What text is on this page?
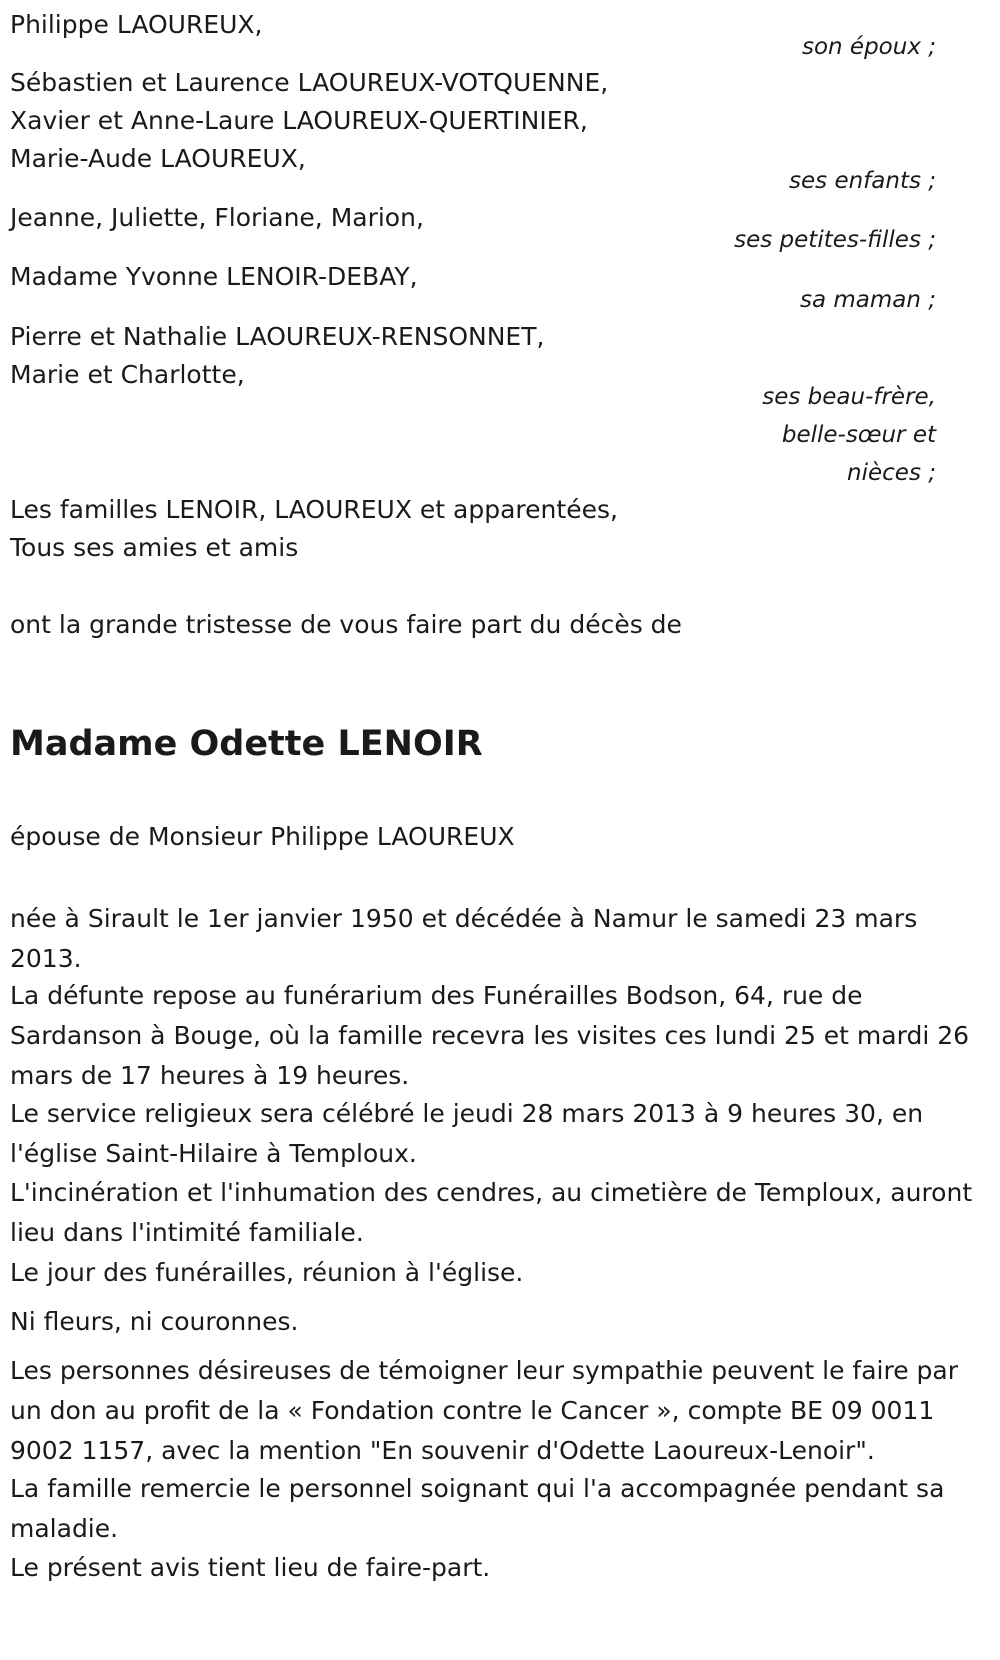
Philippe LAOUREUX,
son époux ;
Sébastien et Laurence LAOUREUX-VOTQUENNE,
Xavier et Anne-Laure LAOUREUX-QUERTINIER,
Marie-Aude LAOUREUX,
ses enfants ;
Jeanne, Juliette, Floriane, Marion,
ses petites-filles ;
Madame Yvonne LENOIR-DEBAY,
sa maman ;
Pierre et Nathalie LAOUREUX-RENSONNET,
Marie et Charlotte,
ses beau-frère,
belle-sœur et
nièces ;
Les familles LENOIR, LAOUREUX et apparentées,
Tous ses amies et amis
ont la grande tristesse de vous faire part du décès de
Madame Odette LENOIR
épouse de Monsieur Philippe LAOUREUX
née à Sirault le 1er janvier 1950 et décédée à Namur le samedi 23 mars 2013.
La défunte repose au funérarium des Funérailles Bodson, 64, rue de Sardanson à Bouge, où la famille recevra les visites ces lundi 25 et mardi 26 mars de 17 heures à 19 heures.
Le service religieux sera célébré le jeudi 28 mars 2013 à 9 heures 30, en l'église Saint-Hilaire à Temploux.
L'incinération et l'inhumation des cendres, au cimetière de Temploux, auront lieu dans l'intimité familiale.
Le jour des funérailles, réunion à l'église.
Ni fleurs, ni couronnes.
Les personnes désireuses de témoigner leur sympathie peuvent le faire par un don au profit de la « Fondation contre le Cancer », compte BE 09 0011 9002 1157, avec la mention "En souvenir d'Odette Laoureux-Lenoir".
La famille remercie le personnel soignant qui l'a accompagnée pendant sa maladie.
Le présent avis tient lieu de faire-part.
